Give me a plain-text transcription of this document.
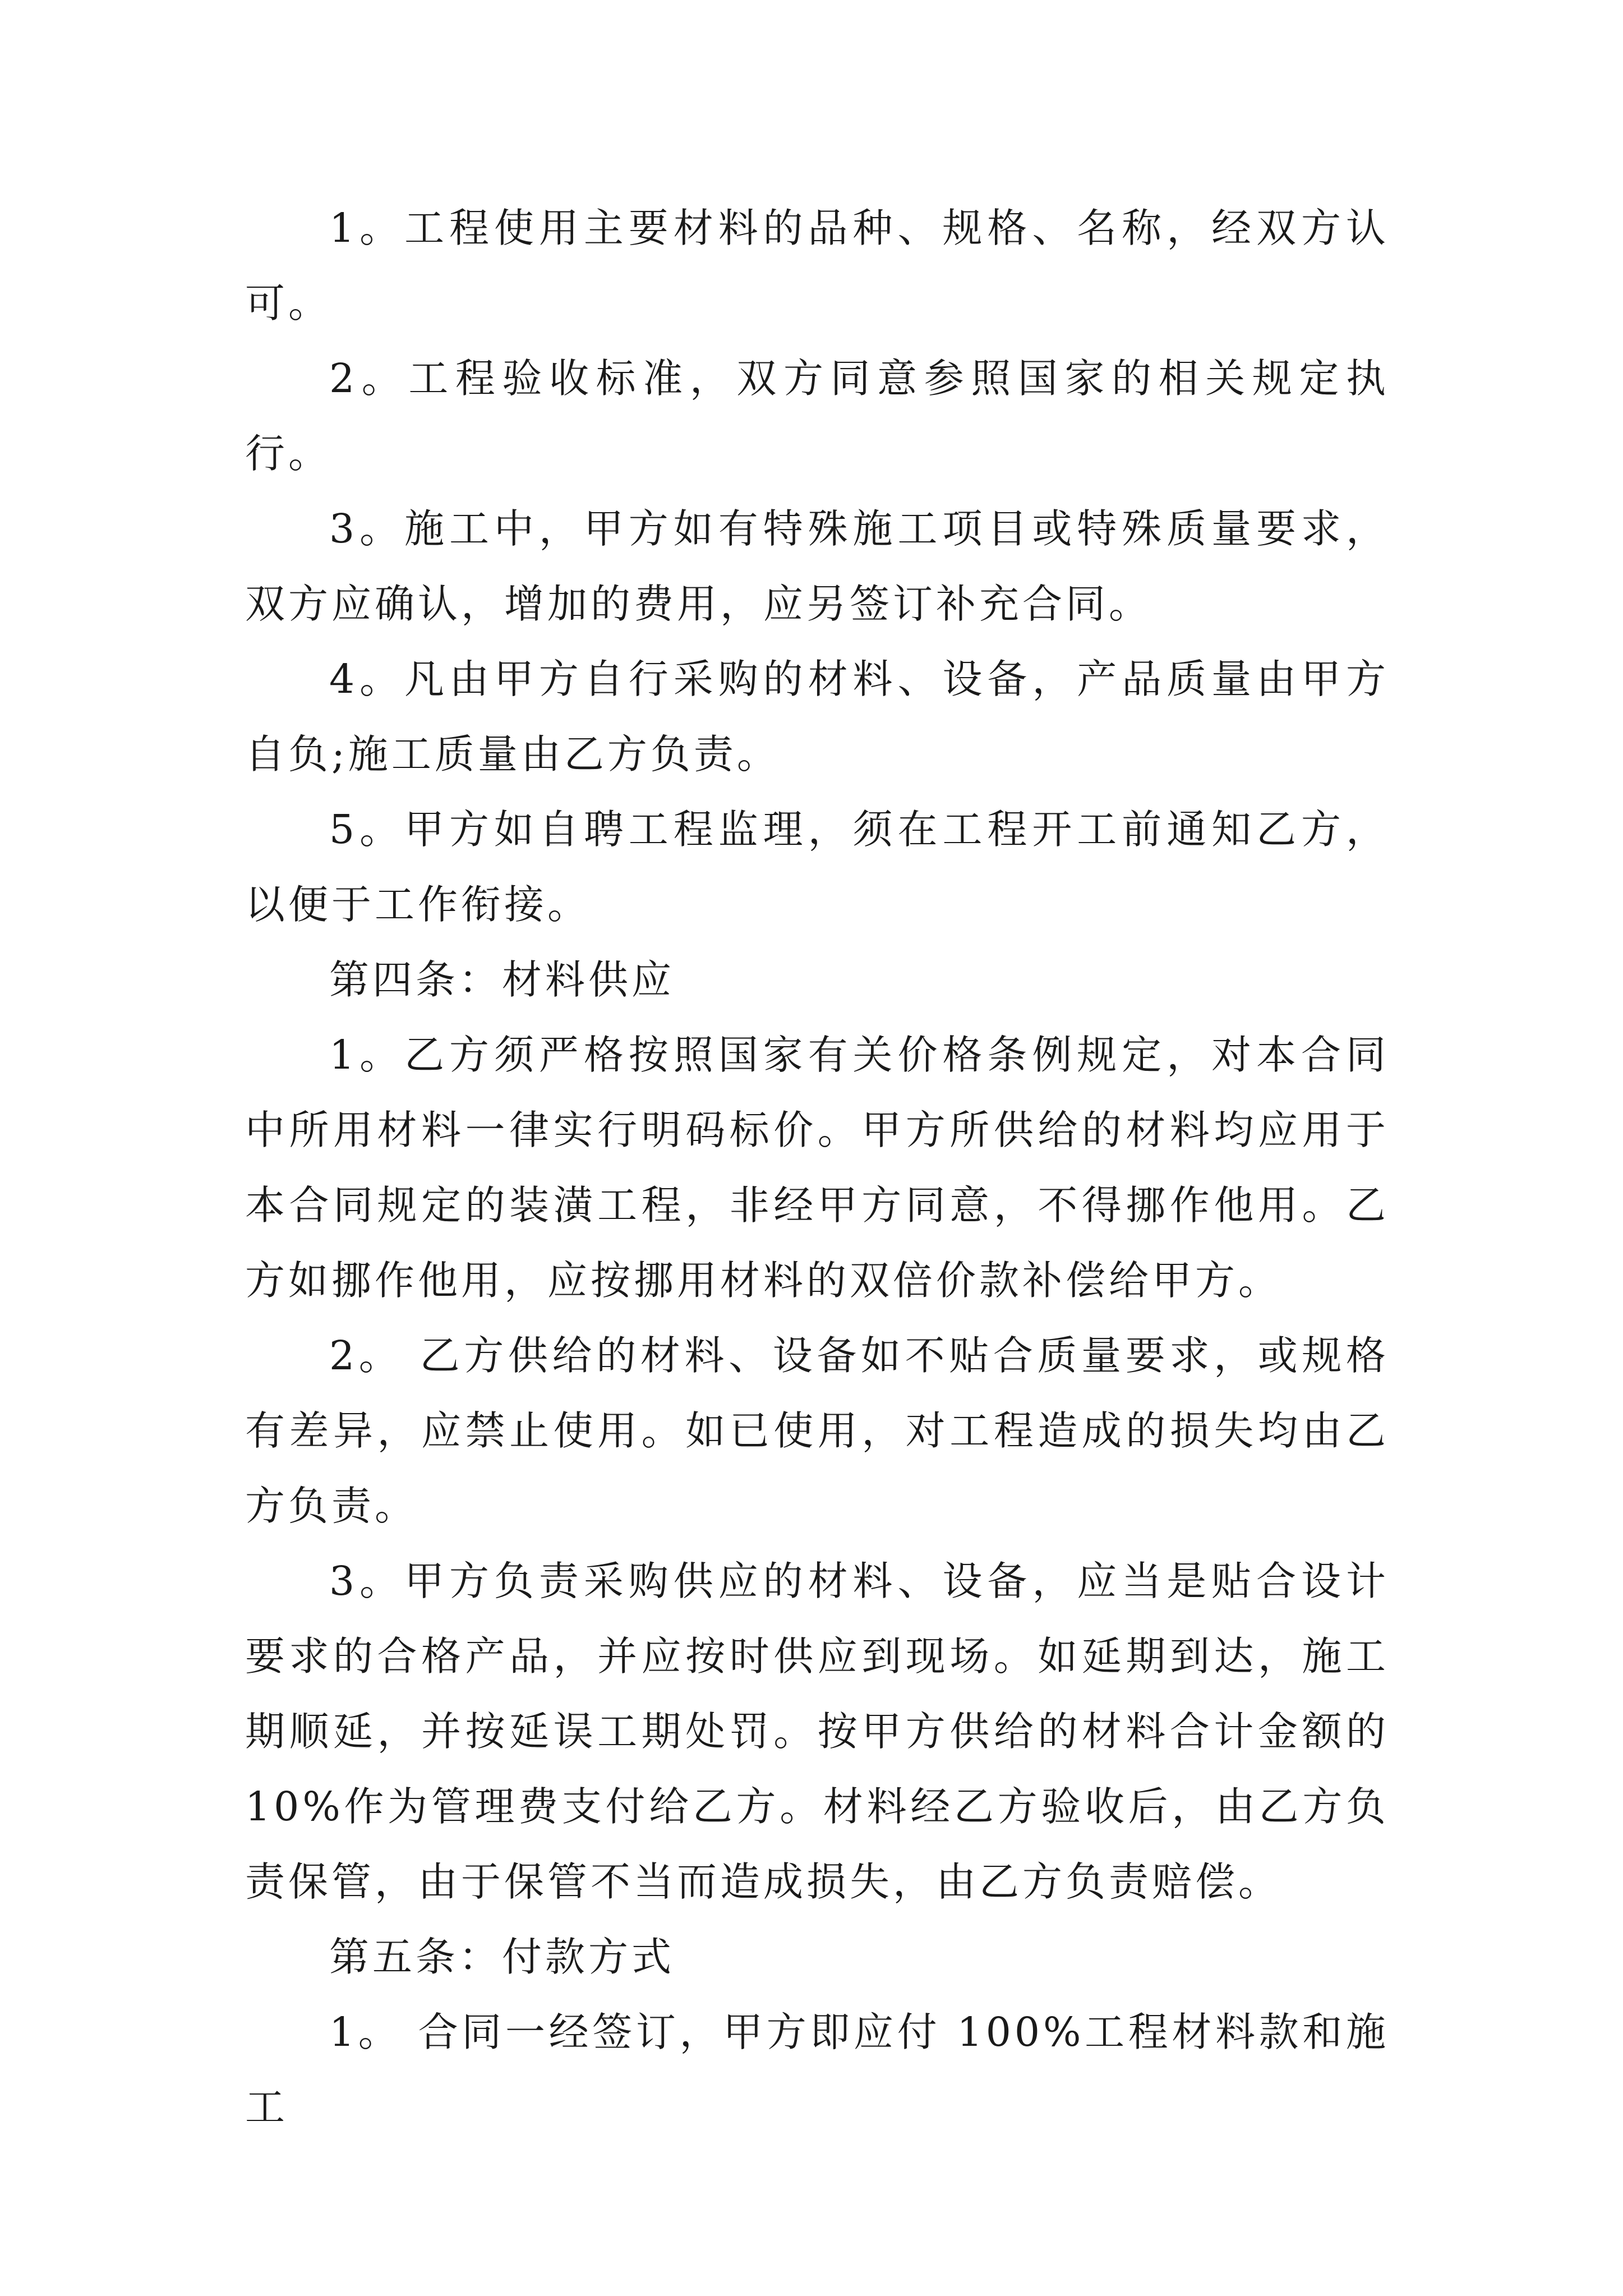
1。工程使用主要材料的品种、规格、名称，经双方认可。

2。工程验收标准，双方同意参照国家的相关规定执行。

3。施工中，甲方如有特殊施工项目或特殊质量要求，双方应确认，增加的费用，应另签订补充合同。

4。凡由甲方自行采购的材料、设备，产品质量由甲方自负;施工质量由乙方负责。

5。甲方如自聘工程监理，须在工程开工前通知乙方，以便于工作衔接。

第四条：材料供应

1。乙方须严格按照国家有关价格条例规定，对本合同中所用材料一律实行明码标价。甲方所供给的材料均应用于本合同规定的装潢工程，非经甲方同意，不得挪作他用。乙方如挪作他用，应按挪用材料的双倍价款补偿给甲方。

2。 乙方供给的材料、设备如不贴合质量要求，或规格有差异，应禁止使用。如已使用，对工程造成的损失均由乙方负责。

3。甲方负责采购供应的材料、设备，应当是贴合设计要求的合格产品，并应按时供应到现场。如延期到达，施工期顺延，并按延误工期处罚。按甲方供给的材料合计金额的10%作为管理费支付给乙方。材料经乙方验收后，由乙方负责保管，由于保管不当而造成损失，由乙方负责赔偿。

第五条：付款方式

1。 合同一经签订，甲方即应付 100%工程材料款和施工
